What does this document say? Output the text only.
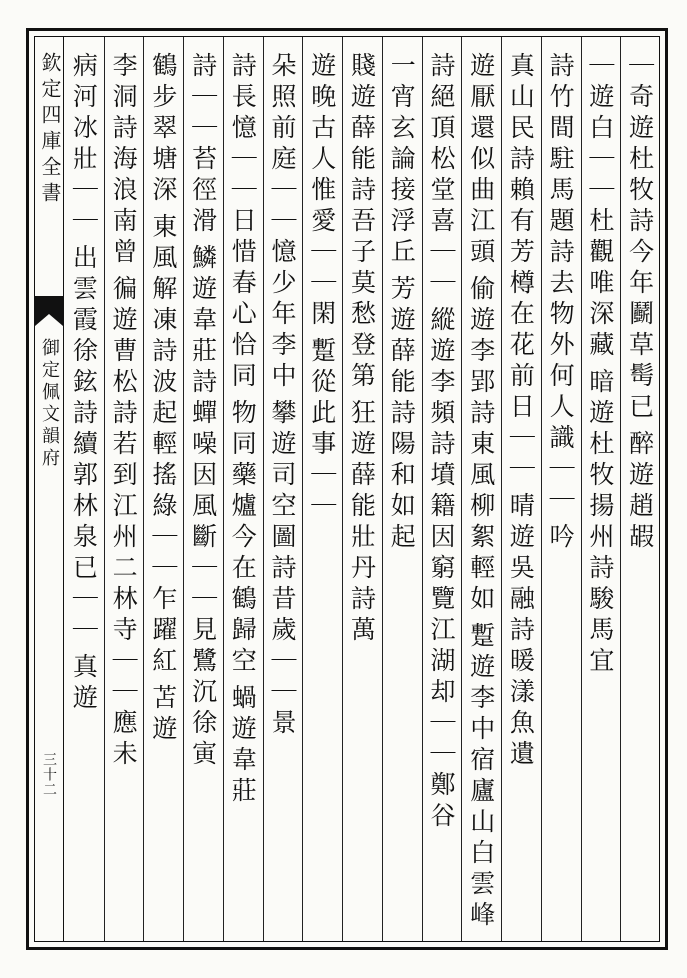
欽定四庫全書
御定佩文韻府
三十二
｜奇遊杜牧詩今年鬬草髩已
醉遊趙嘏
｜遊白｜｜杜觀唯深藏
暗遊杜牧揚州詩駿馬宜
詩竹間駐馬題詩去物外何人識｜｜
吟
真山民詩賴有芳樽在花前日｜｜
晴遊吳融詩暖漾魚遺
遊厭還似曲江頭
偷遊李郢詩東風柳絮輕如
蹔遊李中宿廬山白雲峰
詩絕頂松堂喜｜｜
縱遊李頻詩墳籍因窮覽江湖却｜｜鄭谷
一宵玄論接浮丘
芳遊薛能詩陽和如起
賤遊薛能詩吾子莫愁登第
狂遊薛能壯丹詩萬
遊晚古人惟愛｜｜閑
蹔從此事｜｜
朵照前庭｜｜憶少年李中
攀遊司空圖詩昔歲｜｜景
詩長憶｜｜日惜春心恰同
物同藥爐今在鶴歸空
蝸遊韋莊
詩｜｜苔徑滑
鱗遊韋莊詩蟬噪因風斷｜｜見鷺沉徐寅
鶴步翠塘深
東風解凍詩波起輕搖綠｜｜乍躍紅
苫遊
李洞詩海浪南曾
徧遊曹松詩若到江州二林寺｜｜應未
病河冰壯｜｜
出雲霞徐鉉詩續郭林泉已｜｜
真遊
